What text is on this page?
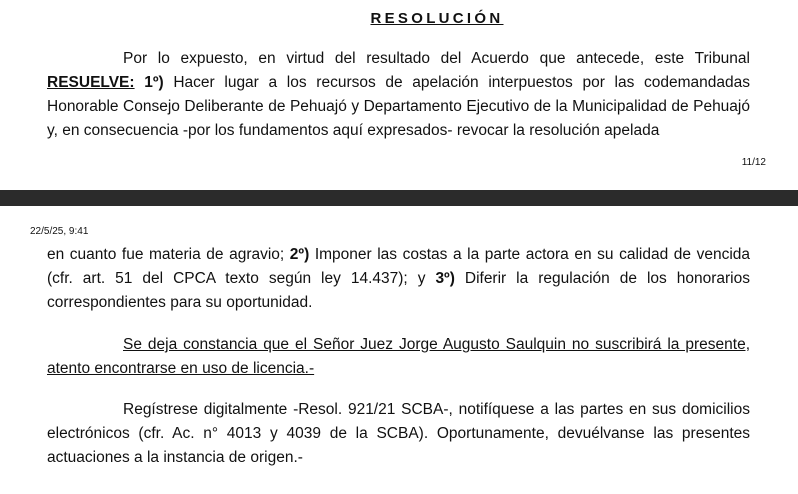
RESOLUCIÓN

Por lo expuesto, en virtud del resultado del Acuerdo que antecede, este Tribunal RESUELVE: 1º) Hacer lugar a los recursos de apelación interpuestos por las codemandadas Honorable Consejo Deliberante de Pehuajó y Departamento Ejecutivo de la Municipalidad de Pehuajó y, en consecuencia -por los fundamentos aquí expresados- revocar la resolución apelada

11/12
22/5/25, 9:41

en cuanto fue materia de agravio; 2º) Imponer las costas a la parte actora en su calidad de vencida (cfr. art. 51 del CPCA texto según ley 14.437); y 3º) Diferir la regulación de los honorarios correspondientes para su oportunidad.

Se deja constancia que el Señor Juez Jorge Augusto Saulquin no suscribirá la presente, atento encontrarse en uso de licencia.-

Regístrese digitalmente -Resol. 921/21 SCBA-, notifíquese a las partes en sus domicilios electrónicos (cfr. Ac. n° 4013 y 4039 de la SCBA). Oportunamente, devuélvanse las presentes actuaciones a la instancia de origen.-
